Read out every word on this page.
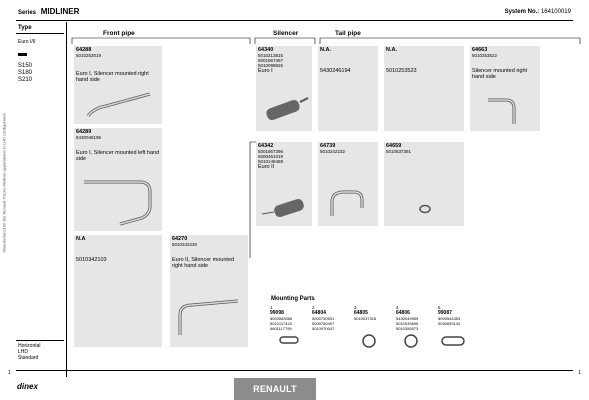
Series MIDLINER	System No.: 164100019
Manufactured for the Renault Trucks Midliner applications in LHD configuration
Type
Euro I/II
S150
S180
S210
Horizontal
LHD
Standard
Front pipe	Silencer	Tail pipe
64288
5010253019
Euro I, Silencer mounted right hand side
64289
5430048195
Euro I, Silencer mounted left hand side
N.A
5010342103
64270
5010342230
Euro II, Silencer mounted right hand side
64340
5010213815
5001867397
5010098826
Euro I
N.A.
5430246194
N.A.
5010253523
64663
5010253522
Silencer mounted right hand side
64342
5001867396
5000451019
5010149488
Euro II
64739
5010342232
64659
5010537391
Mounting Parts
1
99098
5003083085
5010117420
5601117799
2
64804
5000750531
5000750497
5010970047
3
64805
5010037316
4
64806
5430049559
5010039695
5010395573
5
99087
5000544353
0030693142
dinex	RENAULT
1	1
